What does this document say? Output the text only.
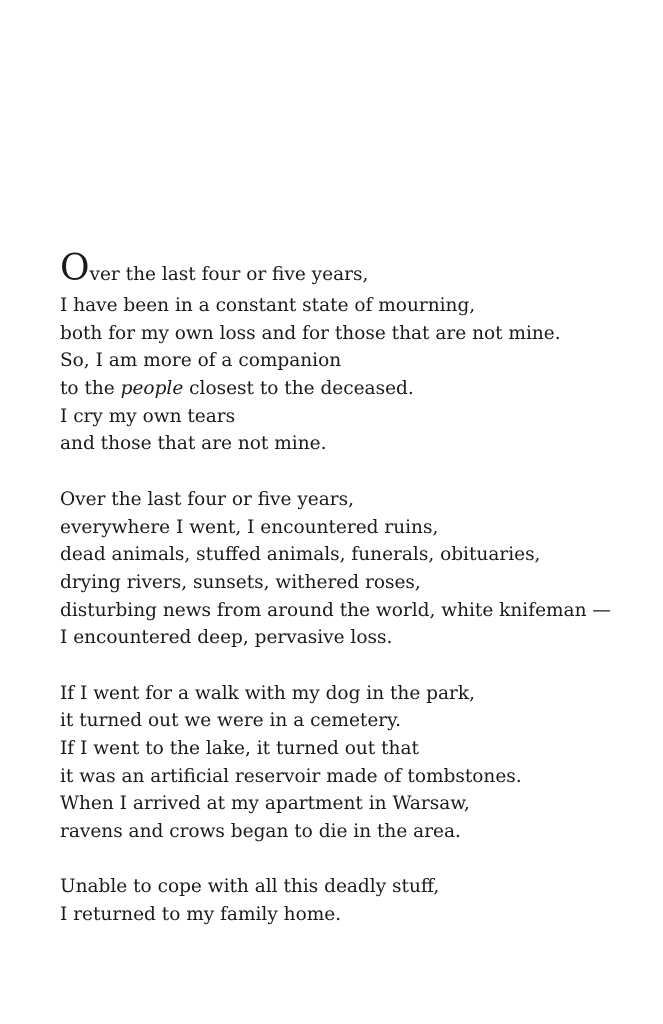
Over the last four or five years,
I have been in a constant state of mourning,
both for my own loss and for those that are not mine.
So, I am more of a companion
to the people closest to the deceased.
I cry my own tears
and those that are not mine.
Over the last four or five years,
everywhere I went, I encountered ruins,
dead animals, stuffed animals, funerals, obituaries,
drying rivers, sunsets, withered roses,
disturbing news from around the world, white knifeman —
I encountered deep, pervasive loss.
If I went for a walk with my dog in the park,
it turned out we were in a cemetery.
If I went to the lake, it turned out that
it was an artificial reservoir made of tombstones.
When I arrived at my apartment in Warsaw,
ravens and crows began to die in the area.
Unable to cope with all this deadly stuff,
I returned to my family home.
